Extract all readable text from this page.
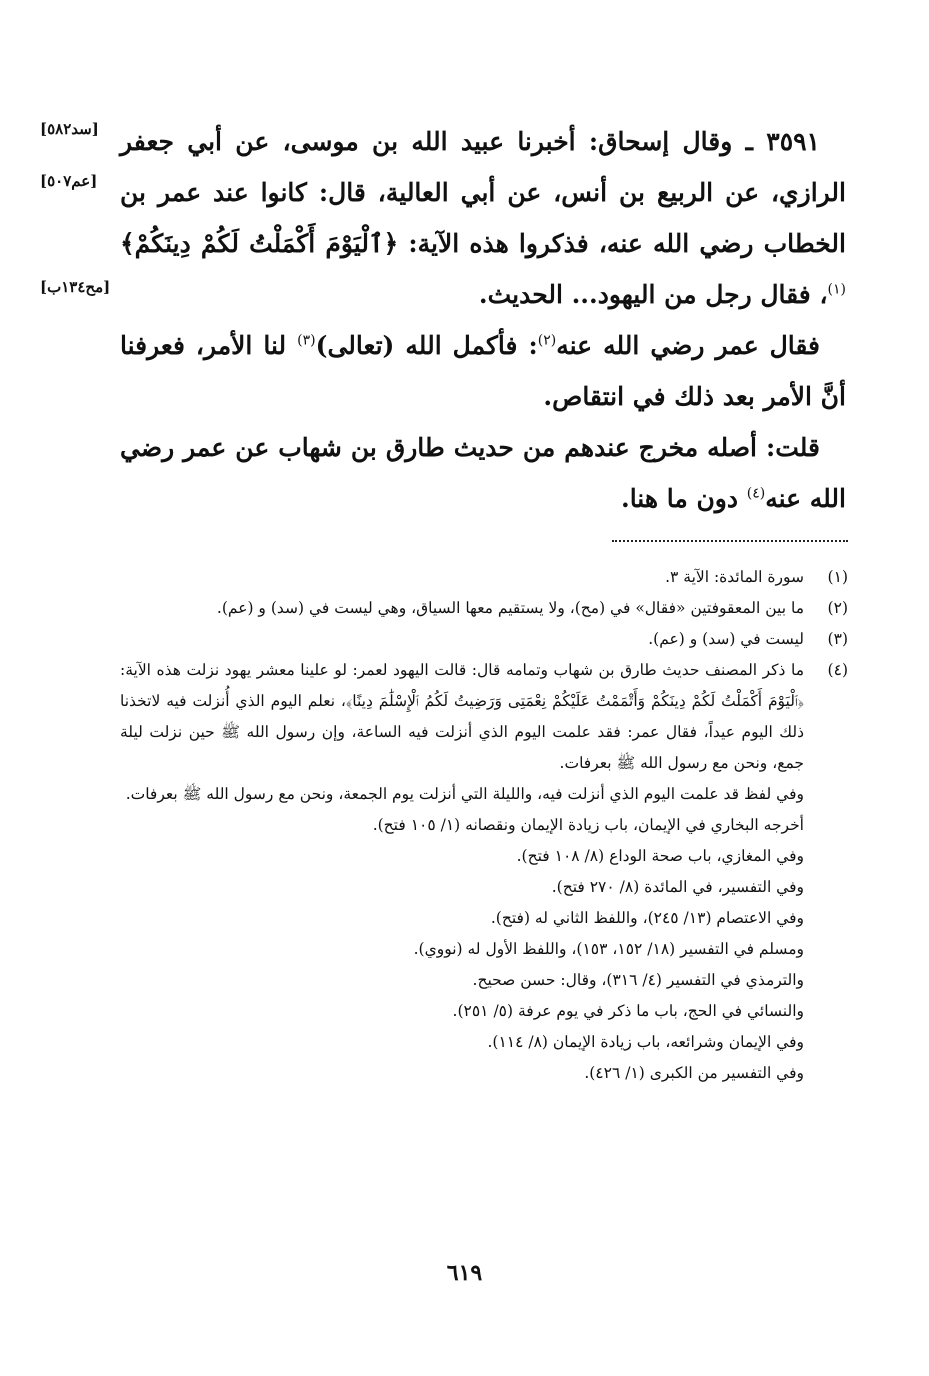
٣٥٩١ ـ وقال إسحاق: أخبرنا عبيد الله بن موسى، عن أبي جعفر الرازي، عن الربيع بن أنس، عن أبي العالية، قال: كانوا عند عمر بن الخطاب رضي الله عنه، فذكروا هذه الآية: ﴿ٱلْيَوْمَ أَكْمَلْتُ لَكُمْ دِينَكُمْ﴾$^{(١)}$، فقال رجل من اليهود... الحديث.

فقال عمر رضي الله عنه$^{(٢)}$: فأكمل الله (تعالى)$^{(٣)}$ لنا الأمر، فعرفنا أنَّ الأمر بعد ذلك في انتقاص.

قلت: أصله مخرج عندهم من حديث طارق بن شهاب عن عمر رضي الله عنه$^{(٤)}$ دون ما هنا.

[سد٥٨٢]
[عم٥٠٧]
[مح١٣٤ب]
(١)
سورة المائدة: الآية ٣.
(٢)
ما بين المعقوفتين «فقال» في (مح)، ولا يستقيم معها السياق، وهي ليست في (سد) و (عم).
(٣)
ليست في (سد) و (عم).
(٤)
ما ذكر المصنف حديث طارق بن شهاب وتمامه قال: قالت اليهود لعمر: لو علينا معشر يهود نزلت هذه الآية: ﴿ٱلْيَوْمَ أَكْمَلْتُ لَكُمْ دِينَكُمْ وَأَتْمَمْتُ عَلَيْكُمْ نِعْمَتِى وَرَضِيتُ لَكُمُ ٱلْإِسْلَٰمَ دِينًا﴾، نعلم اليوم الذي أُنزلت فيه لاتخذنا ذلك اليوم عيداً، فقال عمر: فقد علمت اليوم الذي أنزلت فيه الساعة، وإن رسول الله ﷺ حين نزلت ليلة جمع، ونحن مع رسول الله ﷺ بعرفات.
وفي لفظ قد علمت اليوم الذي أنزلت فيه، والليلة التي أنزلت يوم الجمعة، ونحن مع رسول الله ﷺ بعرفات.
أخرجه البخاري في الإيمان، باب زيادة الإيمان ونقصانه (١/ ١٠٥ فتح).
وفي المغازي، باب صحة الوداع (٨/ ١٠٨ فتح).
وفي التفسير، في المائدة (٨/ ٢٧٠ فتح).
وفي الاعتصام (١٣/ ٢٤٥)، واللفظ الثاني له (فتح).
ومسلم في التفسير (١٨/ ١٥٢، ١٥٣)، واللفظ الأول له (نووي).
والترمذي في التفسير (٤/ ٣١٦)، وقال: حسن صحيح.
والنسائي في الحج، باب ما ذكر في يوم عرفة (٥/ ٢٥١).
وفي الإيمان وشرائعه، باب زيادة الإيمان (٨/ ١١٤).
وفي التفسير من الكبرى (١/ ٤٢٦).
٦١٩
